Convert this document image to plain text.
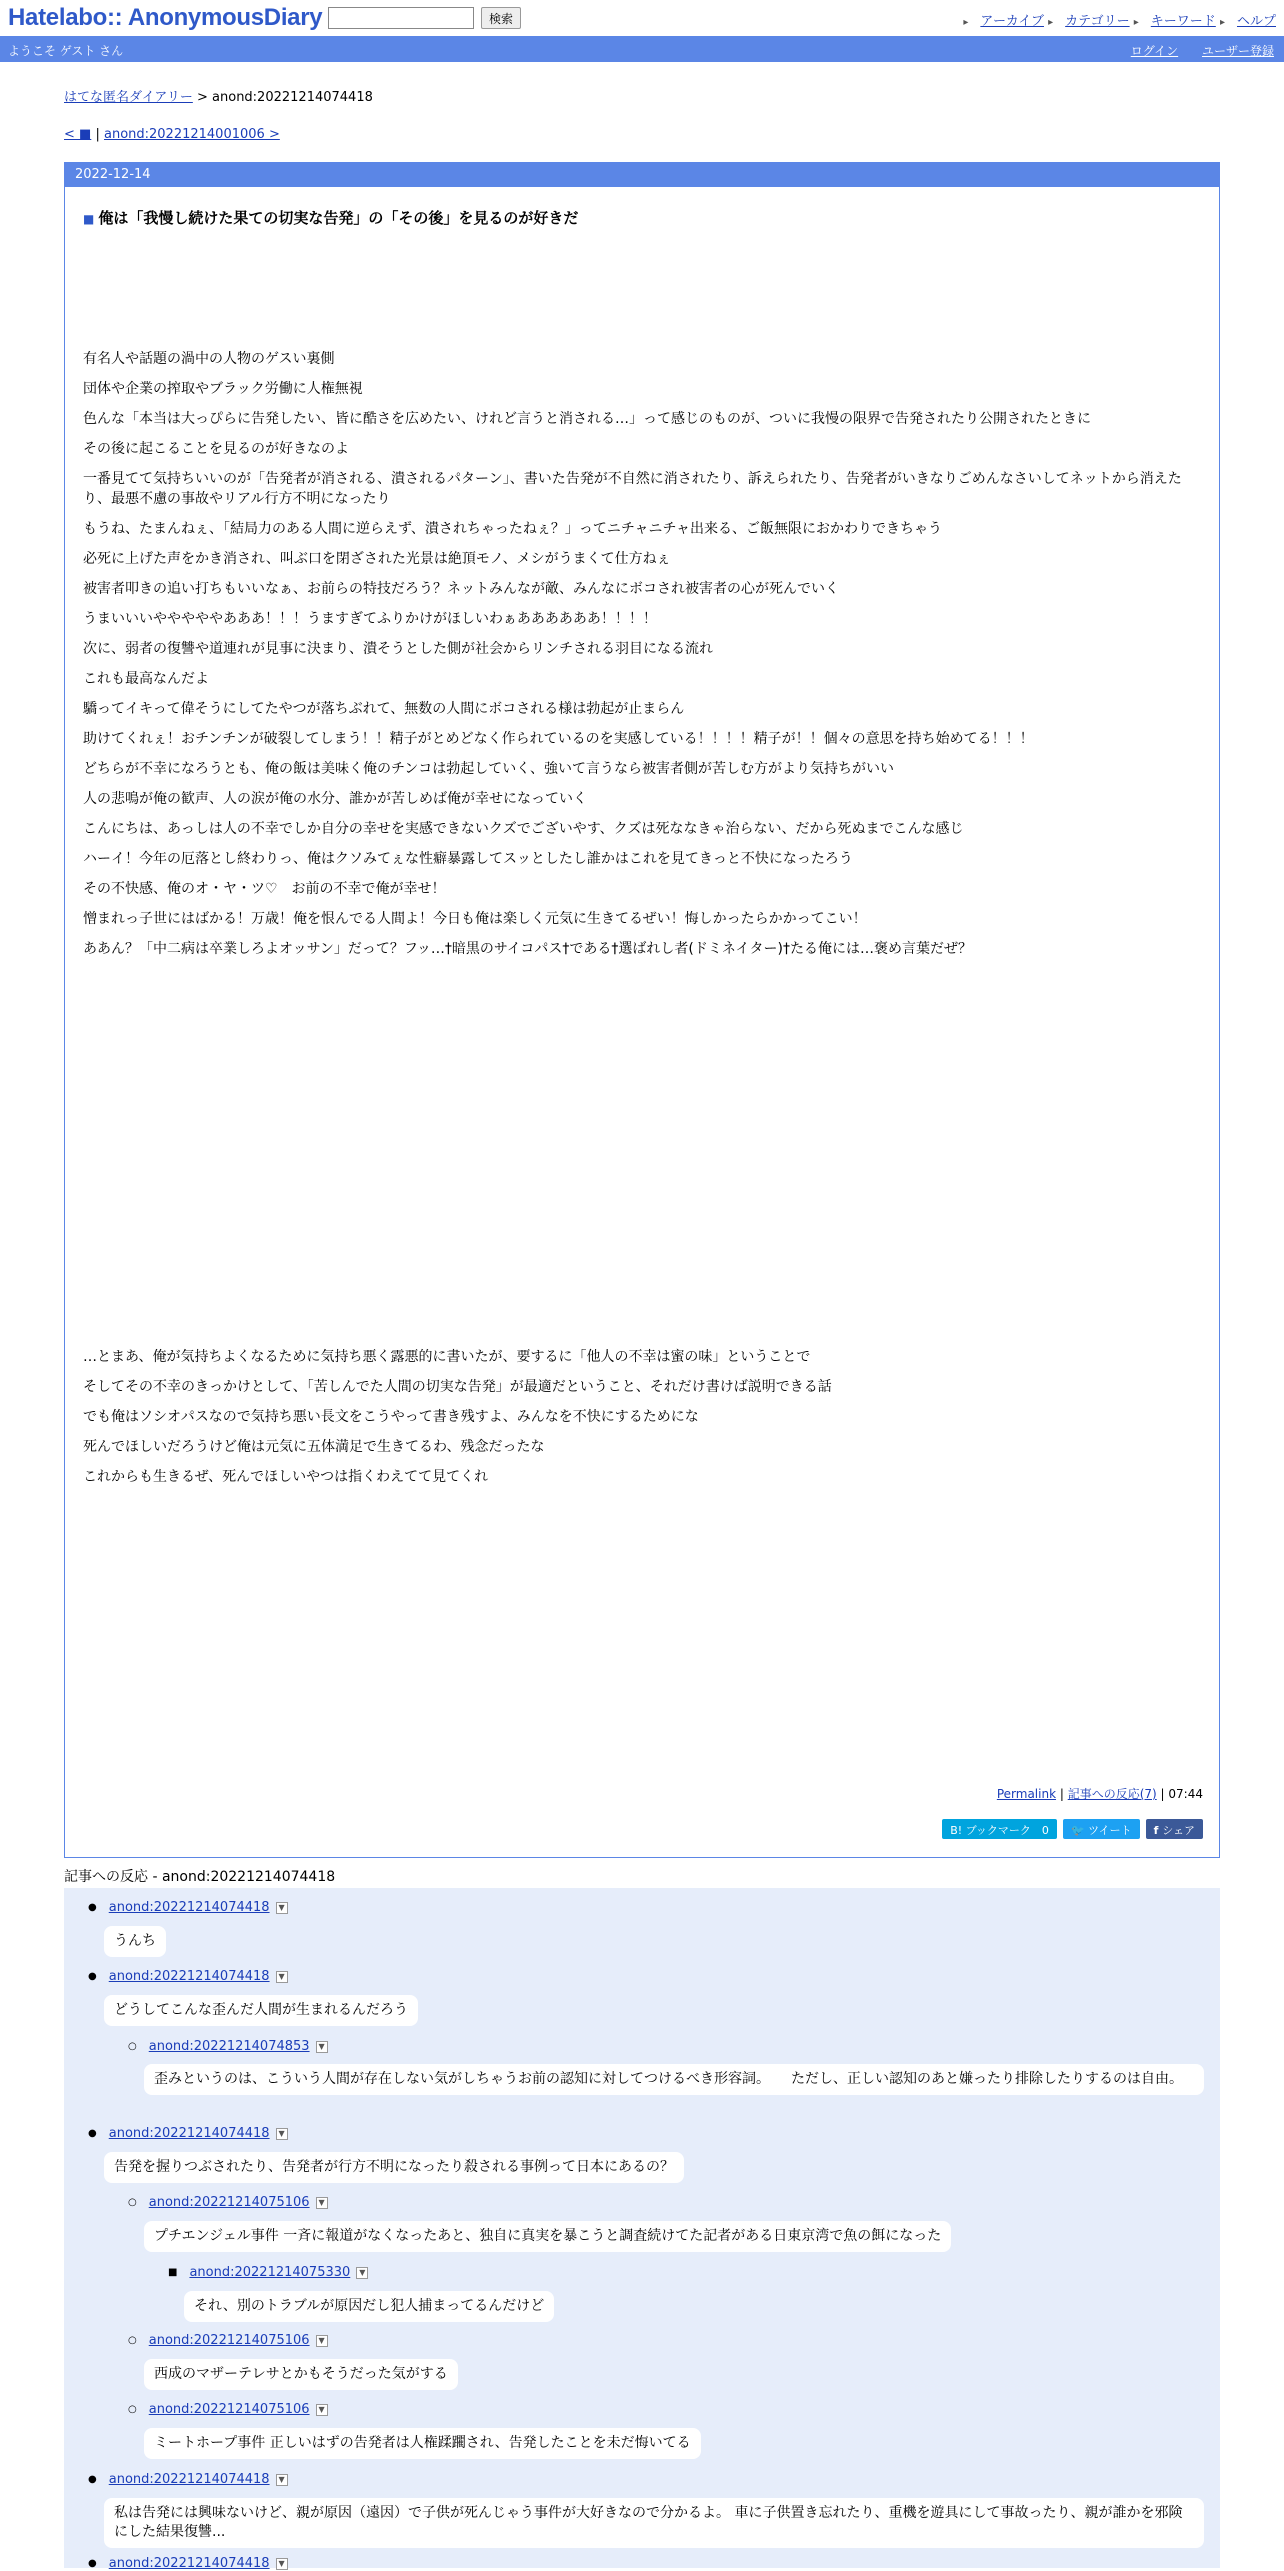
Hatelabo:: AnonymousDiary	検索	▸ アーカイブ ▸ カテゴリー ▸ キーワード ▸ ヘルプ
ようこそ ゲスト さん	ログイン ユーザー登録
はてな匿名ダイアリー > anond:20221214074418
< ■ | anond:20221214001006 >
2022-12-14
■ 俺は「我慢し続けた果ての切実な告発」の「その後」を見るのが好きだ

有名人や話題の渦中の人物のゲスい裏側

団体や企業の搾取やブラック労働に人権無視

色んな「本当は大っぴらに告発したい、皆に酷さを広めたい、けれど言うと消される…」って感じのものが、ついに我慢の限界で告発されたり公開されたときに

その後に起こることを見るのが好きなのよ

一番見てて気持ちいいのが「告発者が消される、潰されるパターン」、書いた告発が不自然に消されたり、訴えられたり、告発者がいきなりごめんなさいしてネットから消えたり、最悪不慮の事故やリアル行方不明になったり

もうね、たまんねぇ、「結局力のある人間に逆らえず、潰されちゃったねぇ？」ってニチャニチャ出来る、ご飯無限におかわりできちゃう

必死に上げた声をかき消され、叫ぶ口を閉ざされた光景は絶頂モノ、メシがうまくて仕方ねぇ

被害者叩きの追い打ちもいいなぁ、お前らの特技だろう？ネットみんなが敵、みんなにボコされ被害者の心が死んでいく

うまいいいやややややあああ！！！うますぎてふりかけがほしいわぁああああああ！！！！

次に、弱者の復讐や道連れが見事に決まり、潰そうとした側が社会からリンチされる羽目になる流れ

これも最高なんだよ

驕ってイキって偉そうにしてたやつが落ちぶれて、無数の人間にボコされる様は勃起が止まらん

助けてくれぇ！おチンチンが破裂してしまう！！精子がとめどなく作られているのを実感している！！！！精子が！！個々の意思を持ち始めてる！！！

どちらが不幸になろうとも、俺の飯は美味く俺のチンコは勃起していく、強いて言うなら被害者側が苦しむ方がより気持ちがいい

人の悲鳴が俺の歓声、人の涙が俺の水分、誰かが苦しめば俺が幸せになっていく

こんにちは、あっしは人の不幸でしか自分の幸せを実感できないクズでございやす、クズは死ななきゃ治らない、だから死ぬまでこんな感じ

ハーイ！今年の厄落とし終わりっ、俺はクソみてぇな性癖暴露してスッとしたし誰かはこれを見てきっと不快になったろう

その不快感、俺のオ・ヤ・ツ♡　お前の不幸で俺が幸せ！

憎まれっ子世にはばかる！万歳！俺を恨んでる人間よ！今日も俺は楽しく元気に生きてるぜい！悔しかったらかかってこい！

ああん？「中二病は卒業しろよオッサン」だって？フッ…†暗黒のサイコパス†である†選ばれし者(ドミネイター)†たる俺には…褒め言葉だぜ？

…とまあ、俺が気持ちよくなるために気持ち悪く露悪的に書いたが、要するに「他人の不幸は蜜の味」ということで

そしてその不幸のきっかけとして、「苦しんでた人間の切実な告発」が最適だということ、それだけ書けば説明できる話

でも俺はソシオパスなので気持ち悪い長文をこうやって書き残すよ、みんなを不快にするためにな

死んでほしいだろうけど俺は元気に五体満足で生きてるわ、残念だったな

これからも生きるぜ、死んでほしいやつは指くわえてて見てくれ

Permalink | 記事への反応(7) | 07:44
B! ブックマーク　0	🐦 ツイート	f シェア
記事への反応 - anond:20221214074418
● anond:20221214074418	▼
うんち
● anond:20221214074418	▼
どうしてこんな歪んだ人間が生まれるんだろう
○ anond:20221214074853	▼
歪みというのは、こういう人間が存在しない気がしちゃうお前の認知に対してつけるべき形容詞。　　ただし、正しい認知のあと嫌ったり排除したりするのは自由。
● anond:20221214074418	▼
告発を握りつぶされたり、告発者が行方不明になったり殺される事例って日本にあるの？
○ anond:20221214075106	▼
プチエンジェル事件 一斉に報道がなくなったあと、独自に真実を暴こうと調査続けてた記者がある日東京湾で魚の餌になった
■ anond:20221214075330	▼
それ、別のトラブルが原因だし犯人捕まってるんだけど
○ anond:20221214075106	▼
西成のマザーテレサとかもそうだった気がする
○ anond:20221214075106	▼
ミートホープ事件 正しいはずの告発者は人権蹂躙され、告発したことを未だ悔いてる
● anond:20221214074418	▼
私は告発には興味ないけど、親が原因（遠因）で子供が死んじゃう事件が大好きなので分かるよ。 車に子供置き忘れたり、重機を遊具にして事故ったり、親が誰かを邪険にした結果復讐...
● anond:20221214074418	▼
